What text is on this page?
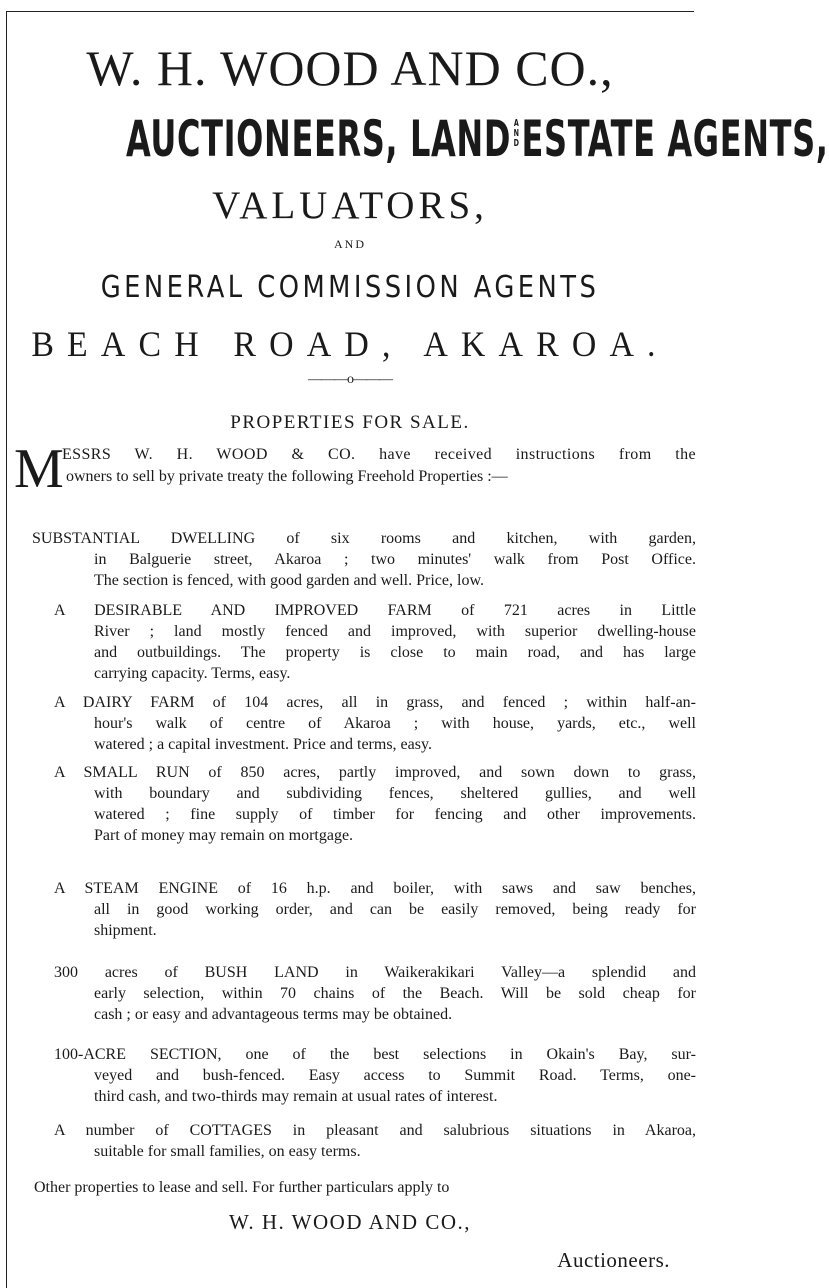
W. H. WOOD AND CO.,
AUCTIONEERS, LAND A
N
DESTATE AGENTS,
VALUATORS,
AND
GENERAL COMMISSION AGENTS
BEACH ROAD, AKAROA.
———o———
PROPERTIES FOR SALE.
M
ESSRS W. H. WOOD & CO. have received instructions from the
owners to sell by private treaty the following Freehold Properties :—
SUBSTANTIAL DWELLING of six rooms and kitchen, with garden,
in Balguerie street, Akaroa ; two minutes' walk from Post Office.
The section is fenced, with good garden and well. Price, low.
A DESIRABLE AND IMPROVED FARM of 721 acres in Little
River ; land mostly fenced and improved, with superior dwelling-house
and outbuildings. The property is close to main road, and has large
carrying capacity. Terms, easy.
A DAIRY FARM of 104 acres, all in grass, and fenced ; within half-an-
hour's walk of centre of Akaroa ; with house, yards, etc., well
watered ; a capital investment. Price and terms, easy.
A SMALL RUN of 850 acres, partly improved, and sown down to grass,
with boundary and subdividing fences, sheltered gullies, and well
watered ; fine supply of timber for fencing and other improvements.
Part of money may remain on mortgage.
A STEAM ENGINE of 16 h.p. and boiler, with saws and saw benches,
all in good working order, and can be easily removed, being ready for
shipment.
300 acres of BUSH LAND in Waikerakikari Valley—a splendid and
early selection, within 70 chains of the Beach. Will be sold cheap for
cash ; or easy and advantageous terms may be obtained.
100-ACRE SECTION, one of the best selections in Okain's Bay, sur-
veyed and bush-fenced. Easy access to Summit Road. Terms, one-
third cash, and two-thirds may remain at usual rates of interest.
A number of COTTAGES in pleasant and salubrious situations in Akaroa,
suitable for small families, on easy terms.
Other properties to lease and sell. For further particulars apply to
W. H. WOOD AND CO.,
Auctioneers.
